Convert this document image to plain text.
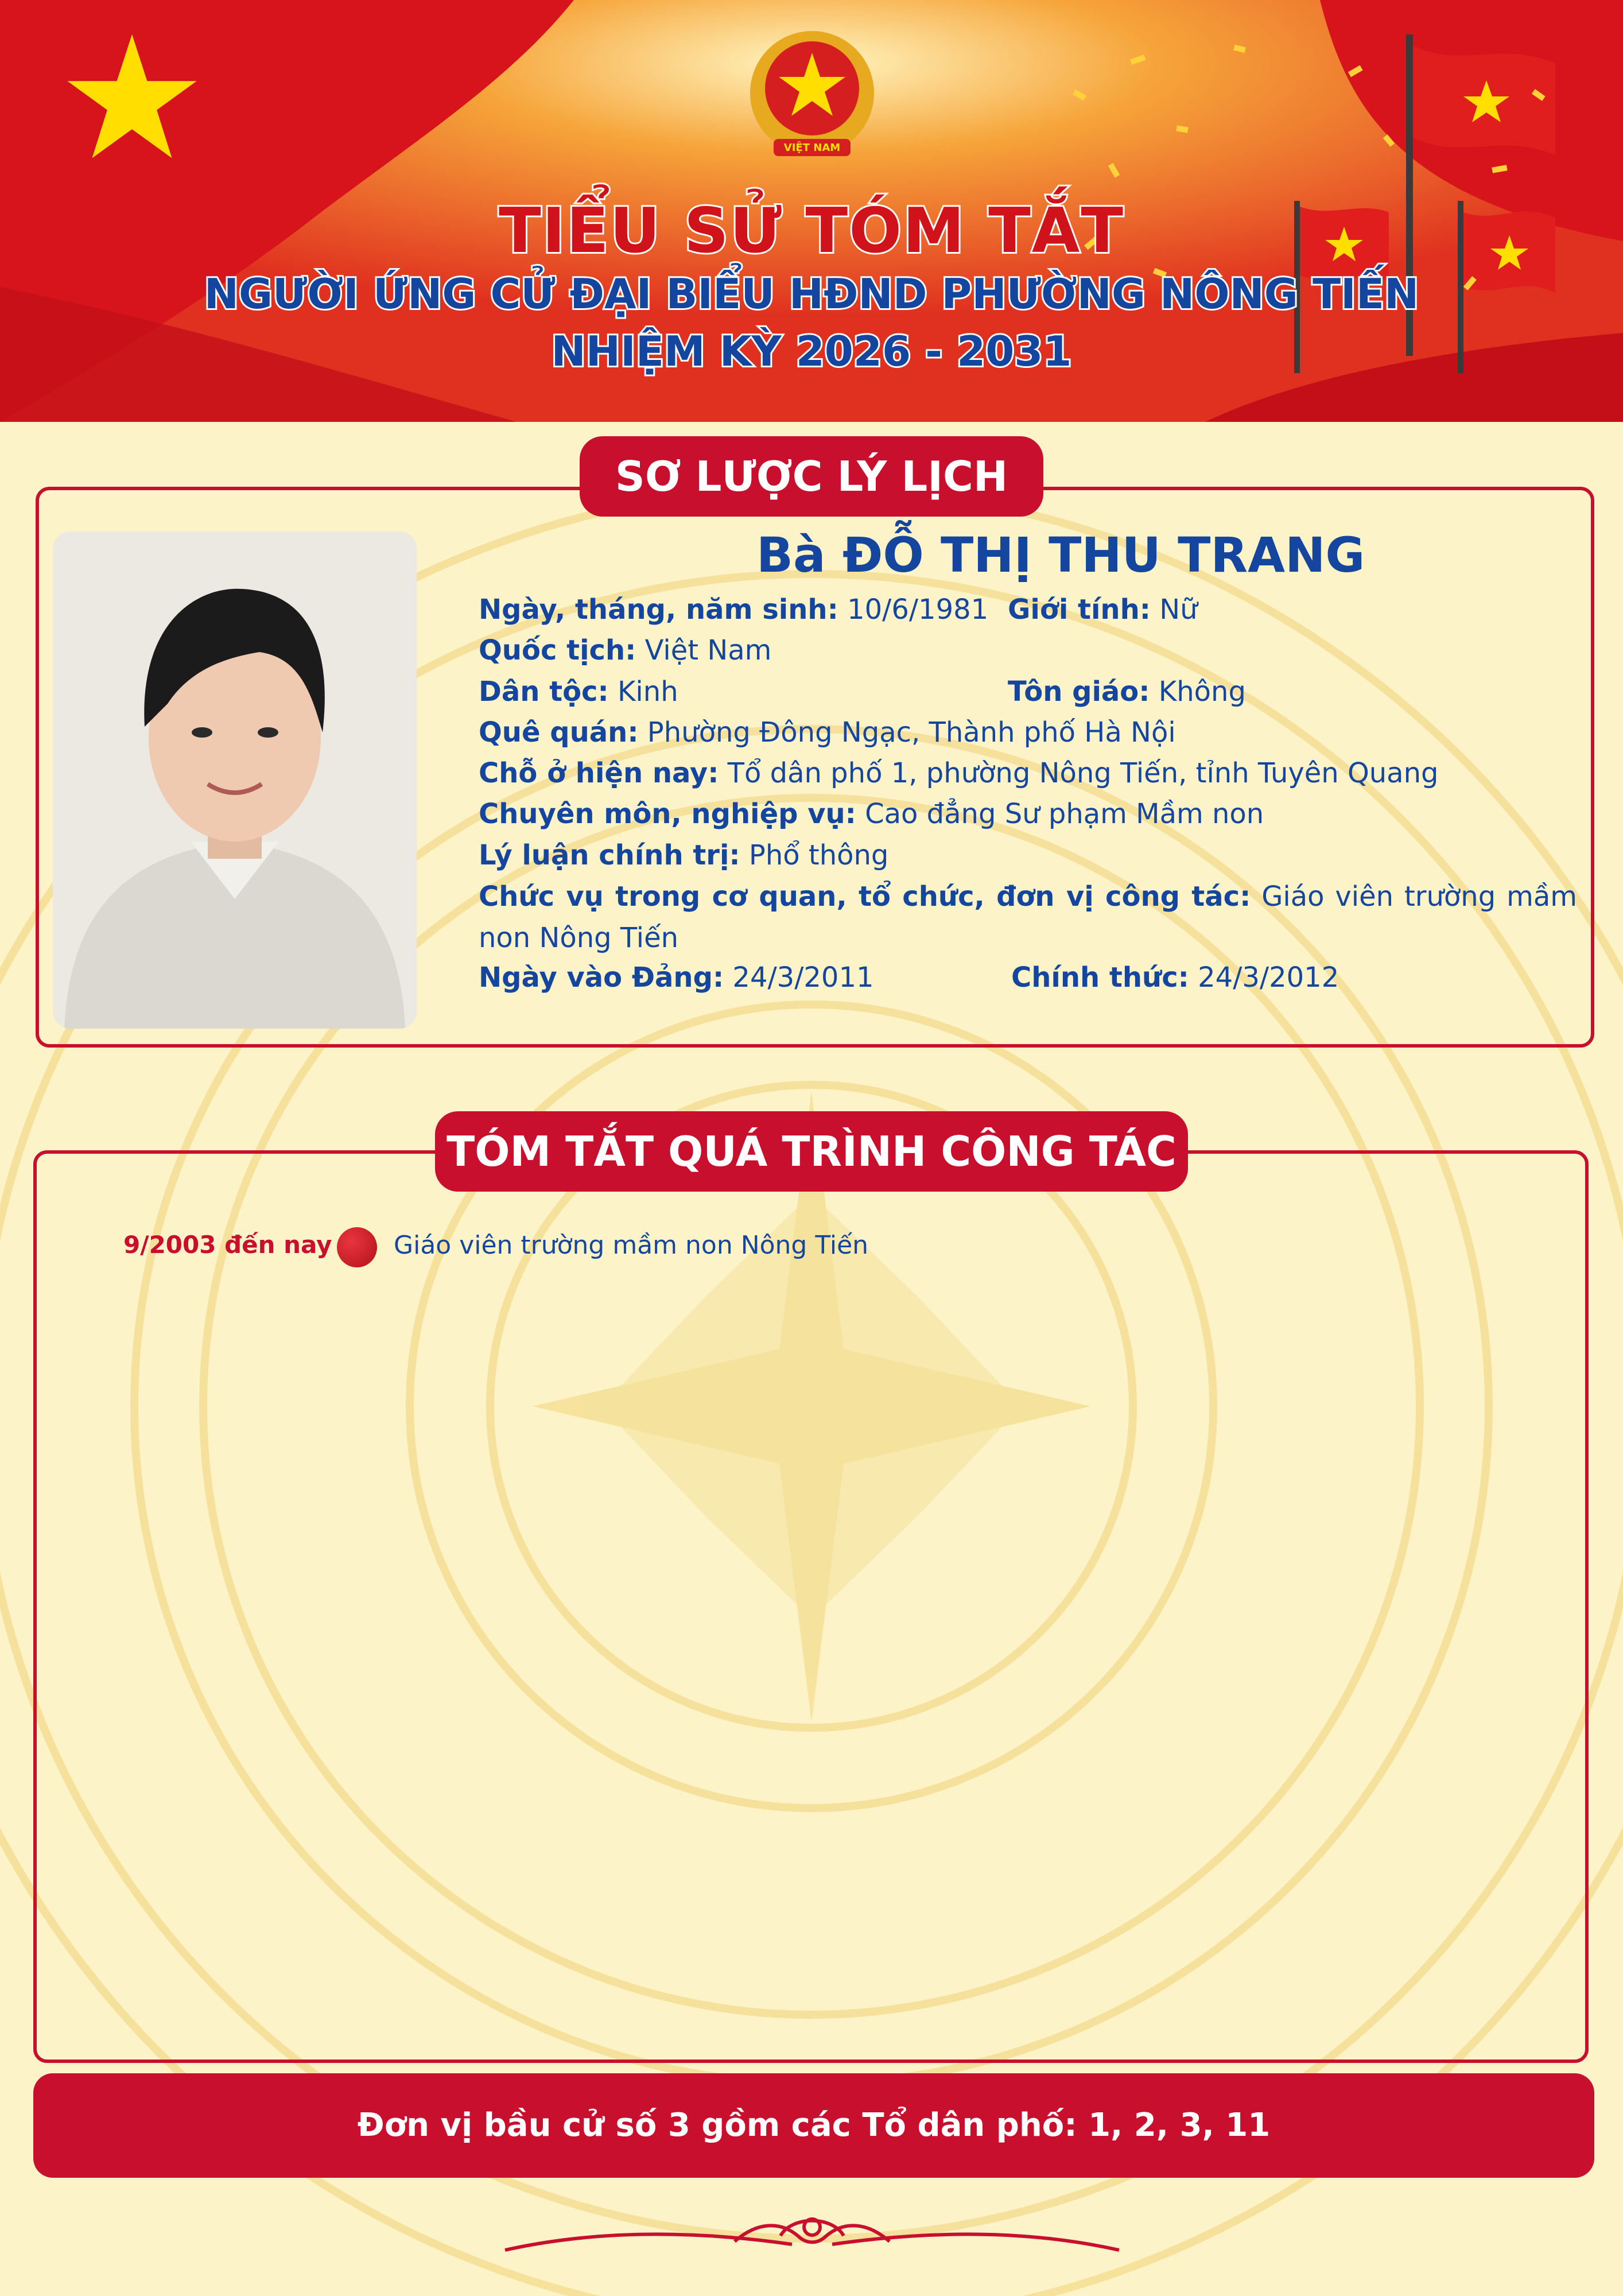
VIỆT NAM
TIỂU SỬ TÓM TẮT
NGƯỜI ỨNG CỬ ĐẠI BIỂU HĐND PHƯỜNG NÔNG TIẾN
NHIỆM KỲ 2026 - 2031
SƠ LƯỢC LÝ LỊCH
Bà ĐỖ THỊ THU TRANG
Ngày, tháng, năm sinh: 10/6/1981 Giới tính: Nữ
Quốc tịch: Việt Nam
Dân tộc: Kinh	Tôn giáo: Không
Quê quán: Phường Đông Ngạc, Thành phố Hà Nội
Chỗ ở hiện nay: Tổ dân phố 1, phường Nông Tiến, tỉnh Tuyên Quang
Chuyên môn, nghiệp vụ: Cao đẳng Sư phạm Mầm non
Lý luận chính trị: Phổ thông
Chức vụ trong cơ quan, tổ chức, đơn vị công tác: Giáo viên trường mầm non Nông Tiến
Ngày vào Đảng: 24/3/2011	Chính thức: 24/3/2012
TÓM TẮT QUÁ TRÌNH CÔNG TÁC
9/2003 đến nay Giáo viên trường mầm non Nông Tiến
Đơn vị bầu cử số 3 gồm các Tổ dân phố: 1, 2, 3, 11
